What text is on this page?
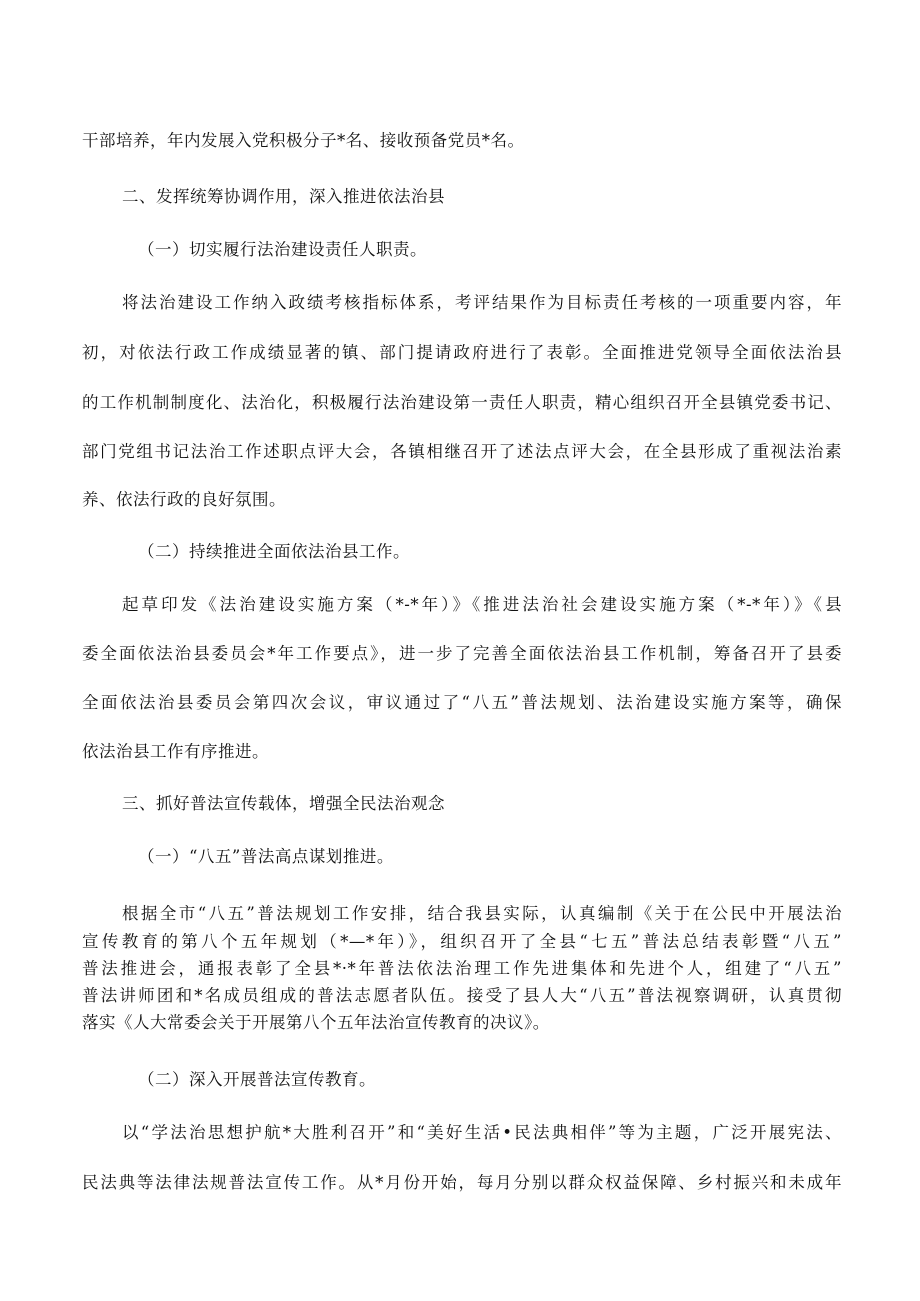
干部培养，年内发展入党积极分子*名、接收预备党员*名。
二、发挥统筹协调作用，深入推进依法治县
（一）切实履行法治建设责任人职责。
将法治建设工作纳入政绩考核指标体系，考评结果作为目标责任考核的一项重要内容，年
初，对依法行政工作成绩显著的镇、部门提请政府进行了表彰。全面推进党领导全面依法治县
的工作机制制度化、法治化，积极履行法治建设第一责任人职责，精心组织召开全县镇党委书记、
部门党组书记法治工作述职点评大会，各镇相继召开了述法点评大会，在全县形成了重视法治素
养、依法行政的良好氛围。
（二）持续推进全面依法治县工作。
起草印发《法治建设实施方案（*-*年）》《推进法治社会建设实施方案（*-*年）》《县
委全面依法治县委员会*年工作要点》，进一步了完善全面依法治县工作机制，筹备召开了县委
全面依法治县委员会第四次会议，审议通过了“八五”普法规划、法治建设实施方案等，确保
依法治县工作有序推进。
三、抓好普法宣传载体，增强全民法治观念
（一）“八五”普法高点谋划推进。
根据全市“八五”普法规划工作安排，结合我县实际，认真编制《关于在公民中开展法治
宣传教育的第八个五年规划（*—*年）》，组织召开了全县“七五”普法总结表彰暨“八五”
普法推进会，通报表彰了全县*·*年普法依法治理工作先进集体和先进个人，组建了“八五”
普法讲师团和*名成员组成的普法志愿者队伍。接受了县人大“八五”普法视察调研，认真贯彻
落实《人大常委会关于开展第八个五年法治宣传教育的决议》。
（二）深入开展普法宣传教育。
以“学法治思想护航*大胜利召开”和“美好生活•民法典相伴”等为主题，广泛开展宪法、
民法典等法律法规普法宣传工作。从*月份开始，每月分别以群众权益保障、乡村振兴和未成年
